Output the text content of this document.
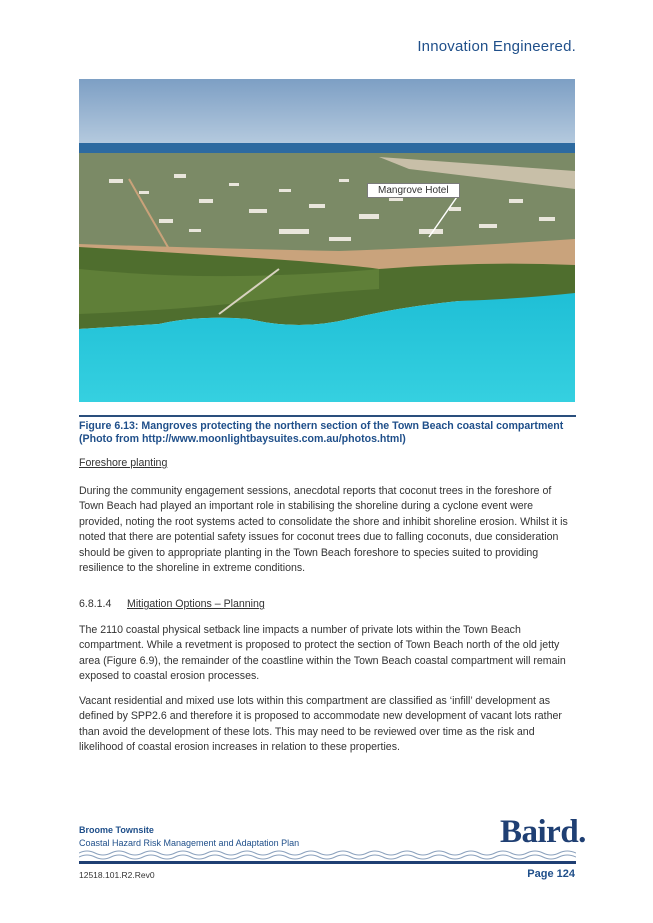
Innovation Engineered.
Mangrove Hotel
Figure 6.13: Mangroves protecting the northern section of the Town Beach coastal compartment
(Photo from http://www.moonlightbaysuites.com.au/photos.html)
Foreshore planting

During the community engagement sessions, anecdotal reports that coconut trees in the foreshore of Town Beach had played an important role in stabilising the shoreline during a cyclone event were provided, noting the root systems acted to consolidate the shore and inhibit shoreline erosion. Whilst it is noted that there are potential safety issues for coconut trees due to falling coconuts, due consideration should be given to appropriate planting in the Town Beach foreshore to species suited to providing resilience to the shoreline in extreme conditions.

6.8.1.4 Mitigation Options – Planning

The 2110 coastal physical setback line impacts a number of private lots within the Town Beach compartment. While a revetment is proposed to protect the section of Town Beach north of the old jetty area (Figure 6.9), the remainder of the coastline within the Town Beach coastal compartment will remain exposed to coastal erosion processes.

Vacant residential and mixed use lots within this compartment are classified as ‘infill’ development as defined by SPP2.6 and therefore it is proposed to accommodate new development of vacant lots rather than avoid the development of these lots. This may need to be reviewed over time as the risk and likelihood of coastal erosion increases in relation to these properties.

Broome Townsite
Coastal Hazard Risk Management and Adaptation Plan	Baird.
12518.101.R2.Rev0	Page 124
